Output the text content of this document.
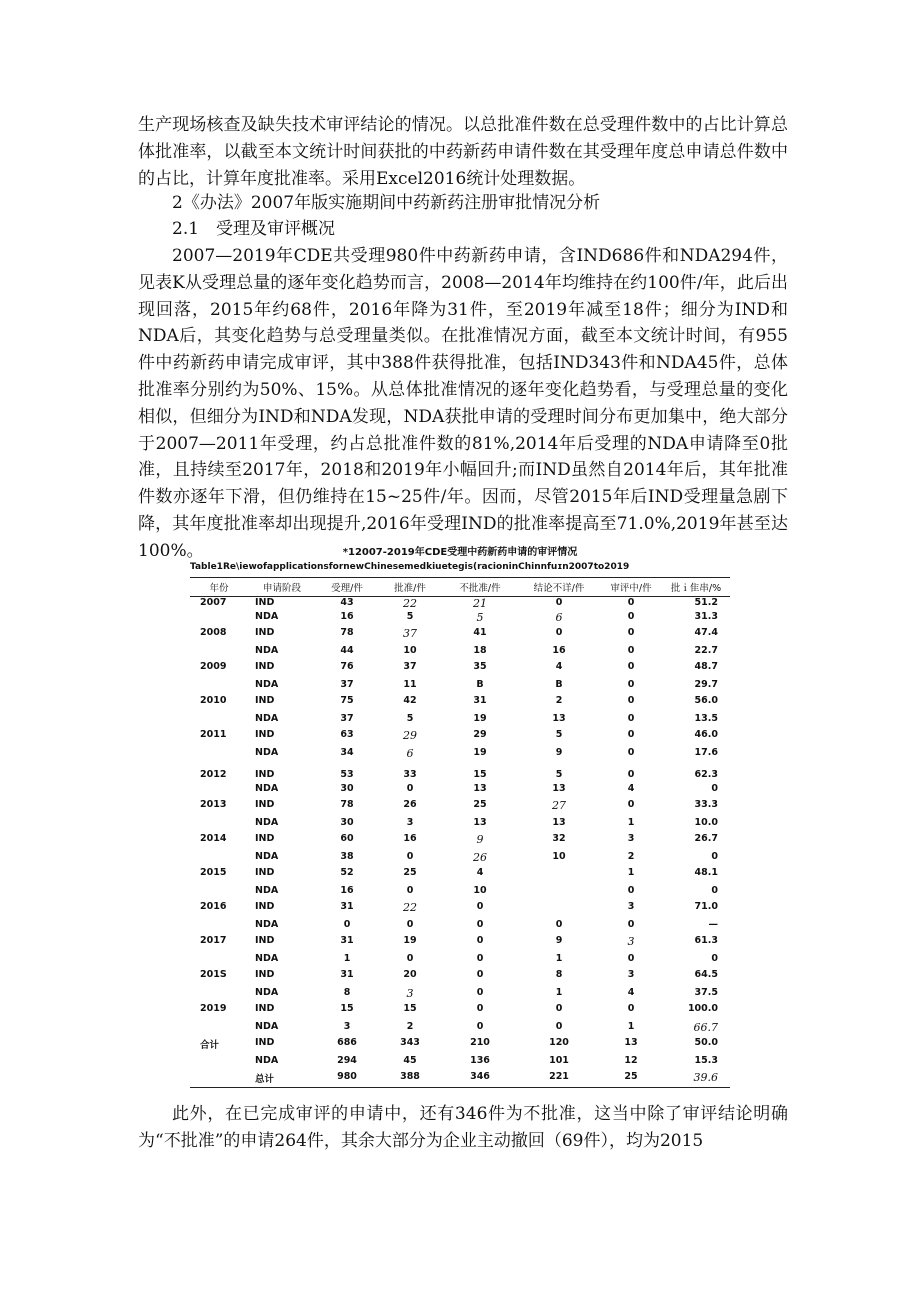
生产现场核查及缺失技术审评结论的情况。以总批准件数在总受理件数中的占比计算总体批准率，以截至本文统计时间获批的中药新药申请件数在其受理年度总申请总件数中的占比，计算年度批准率。采用Excel2016统计处理数据。

2《办法》2007年版实施期间中药新药注册审批情况分析

2.1　受理及审评概况

2007—2019年CDE共受理980件中药新药申请，含IND686件和NDA294件，见表K从受理总量的逐年变化趋势而言，2008—2014年均维持在约100件/年，此后出现回落，2015年约68件，2016年降为31件，至2019年减至18件；细分为IND和NDA后，其变化趋势与总受理量类似。在批准情况方面，截至本文统计时间，有955件中药新药申请完成审评，其中388件获得批准，包括IND343件和NDA45件，总体批准率分别约为50%、15%。从总体批准情况的逐年变化趋势看，与受理总量的变化相似，但细分为IND和NDA发现，NDA获批申请的受理时间分布更加集中，绝大部分于2007—2011年受理，约占总批准件数的81%,2014年后受理的NDA申请降至0批准，且持续至2017年，2018和2019年小幅回升;而IND虽然自2014年后，其年批准件数亦逐年下滑，但仍维持在15~25件/年。因而，尽管2015年后IND受理量急剧下降，其年度批准率却出现提升,2016年受理IND的批准率提高至71.0%,2019年甚至达100%。	*12007-2019年CDE受理中药新药申请的审评情况
Table1Re\iewofapplicationsfornewChinesemedkiuetegis(racioninChinnfuɪn2007to2019
年份	申请阶段	受理/件	批准/件	不批准/件	结论不详/件	审评中/件	批ｉ隹串/%
2007	IND	43	22	21	0	0	51.2
	NDA	16	5	5	6	0	31.3
2008	IND	78	37	41	0	0	47.4
	NDA	44	10	18	16	0	22.7
2009	IND	76	37	35	4	0	48.7
	NDA	37	11	B	B	0	29.7
2010	IND	75	42	31	2	0	56.0
	NDA	37	5	19	13	0	13.5
2011	IND	63	29	29	5	0	46.0
	NDA	34	6	19	9	0	17.6
2012	IND	53	33	15	5	0	62.3
	NDA	30	0	13	13	4	0
2013	IND	78	26	25	27	0	33.3
	NDA	30	3	13	13	1	10.0
2014	IND	60	16	9	32	3	26.7
	NDA	38	0	26	10	2	0
2015	IND	52	25	4		1	48.1
	NDA	16	0	10		0	0
2016	IND	31	22	0		3	71.0
	NDA	0	0	0	0	0	—
2017	IND	31	19	0	9	3	61.3
	NDA	1	0	0	1	0	0
201S	IND	31	20	0	8	3	64.5
	NDA	8	3	0	1	4	37.5
2019	IND	15	15	0	0	0	100.0
	NDA	3	2	0	0	1	66.7
合计	IND	686	343	210	120	13	50.0
	NDA	294	45	136	101	12	15.3
	总计	980	388	346	221	25	39.6

此外，在已完成审评的申请中，还有346件为不批准，这当中除了审评结论明确为“不批准”的申请264件，其余大部分为企业主动撤回（69件），均为2015
